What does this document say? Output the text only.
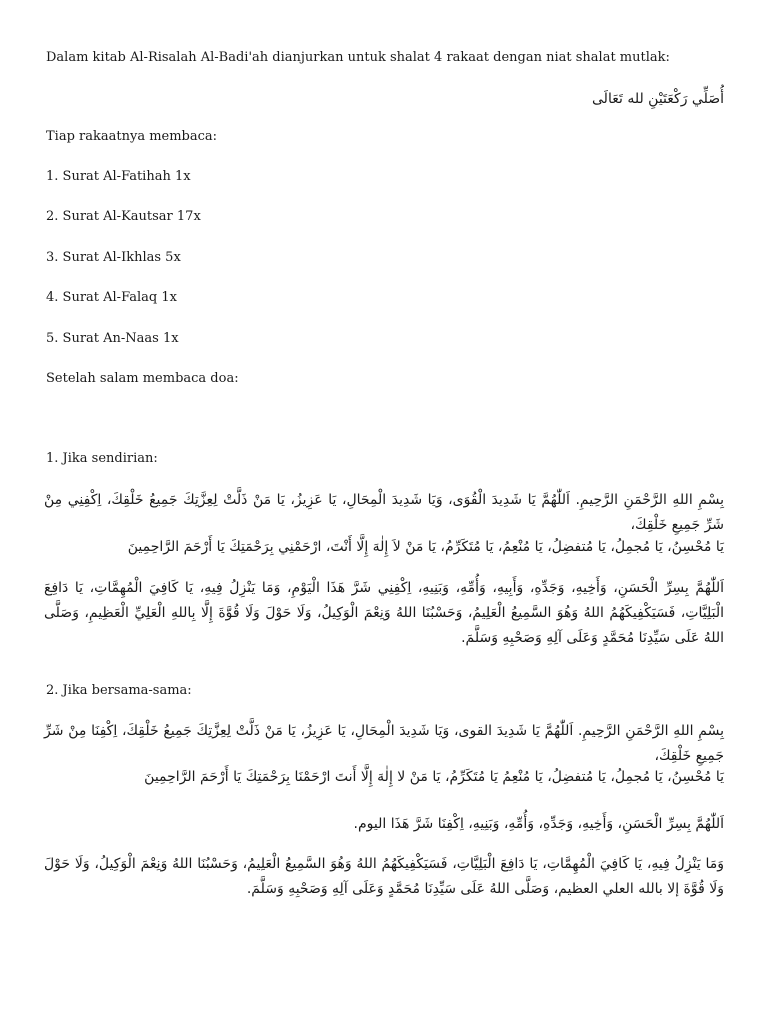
Dalam kitab Al-Risalah Al-Badi'ah dianjurkan untuk shalat 4 rakaat dengan niat shalat mutlak:
أُصَلِّي رَكْعَتَيْنِ لله تَعَالَى
Tiap rakaatnya membaca:
1. Surat Al-Fatihah 1x
2. Surat Al-Kautsar 17x
3. Surat Al-Ikhlas 5x
4. Surat Al-Falaq 1x
5. Surat An-Naas 1x
Setelah salam membaca doa:
1. Jika sendirian:
بِسْمِ اللهِ الرَّحْمَنِ الرَّحِيمِ. اَللّٰهُمَّ يَا شَدِيدَ الْقُوَى، وَيَا شَدِيدَ الْمِحَالِ، يَا عَزِيزُ، يَا مَنْ ذَلَّتْ لِعِزَّتِكَ جَمِيعُ خَلْقِكَ، اِكْفِنِي مِنْ شَرِّ جَمِيعِ خَلْقِكَ،
يَا مُحْسِنُ، يَا مُجمِلُ، يَا مُتفضِلُ، يَا مُنْعِمُ، يَا مُتَكَرِّمُ، يَا مَنْ لاَ إِلٰهَ إِلَّا أَنْتَ، ارْحَمْنِي بِرَحْمَتِكَ يَا أَرْحَمَ الرَّاحِمِينَ
اَللّٰهُمَّ بِسِرِّ الْحَسَنِ، وَأَخِيهِ، وَجَدِّهِ، وَأَبِيهِ، وَأُمِّهِ، وَبَنِيهِ، اِكْفِنِي شَرَّ هَذَا الْيَوْمِ، وَمَا يَنْزِلُ فِيهِ، يَا كَافِيَ الْمُهِمَّاتِ، يَا دَافِعَ الْبَلِيَّاتِ، فَسَيَكْفِيكَهُمُ اللهُ وَهُوَ السَّمِيعُ الْعَلِيمُ، وَحَسْبُنَا اللهُ وَنِعْمَ الْوَكِيلُ، وَلَا حَوْلَ وَلَا قُوَّةَ إِلَّا بِاللهِ الْعَلِيِّ الْعَظِيمِ، وَصَلَّى اللهُ عَلَى سَيِّدِنَا مُحَمَّدٍ وَعَلَى آلِهِ وَصَحْبِهِ وَسَلَّمَ.
2. Jika bersama-sama:
بِسْمِ اللهِ الرَّحْمَنِ الرَّحِيمِ. اَللّٰهُمَّ يَا شَدِيدَ القوى، وَيَا شَدِيدَ الْمِحَالِ، يَا عَزِيزُ، يَا مَنْ ذَلَّتْ لِعِزَّتِكَ جَمِيعُ خَلْقِكَ، اِكْفِنَا مِنْ شَرِّ جَمِيعِ خَلْقِكَ،
يَا مُحْسِنُ، يَا مُجمِلُ، يَا مُتفضِلُ، يَا مُنْعِمُ يَا مُتَكَرِّمُ، يَا مَنْ لا إِلٰهَ إِلَّا أَنتَ ارْحَمْنَا بِرَحْمَتِكَ يَا أَرْحَمَ الرَّاحِمِينَ
اَللّٰهُمَّ بِسِرِّ الْحَسَنِ، وَأَخِيهِ، وَجَدِّهِ، وَأُمِّهِ، وَبَنِيهِ، اِكْفِنَا شَرَّ هَذَا اليوم.
وَمَا يَنْزِلُ فِيهِ، يَا كَافِيَ الْمُهِمَّاتِ، يَا دَافِعَ الْبَلِيَّاتِ، فَسَيَكْفِيكَهُمُ اللهُ وَهُوَ السَّمِيعُ الْعَلِيمُ، وَحَسْبُنَا اللهُ وَنِعْمَ الْوَكِيلُ، وَلَا حَوْلَ وَلَا قُوَّةَ إلا بالله العلي العظيم، وَصَلَّى اللهُ عَلَى سَيِّدِنَا مُحَمَّدٍ وَعَلَى آلِهِ وَصَحْبِهِ وَسَلَّمَ.
